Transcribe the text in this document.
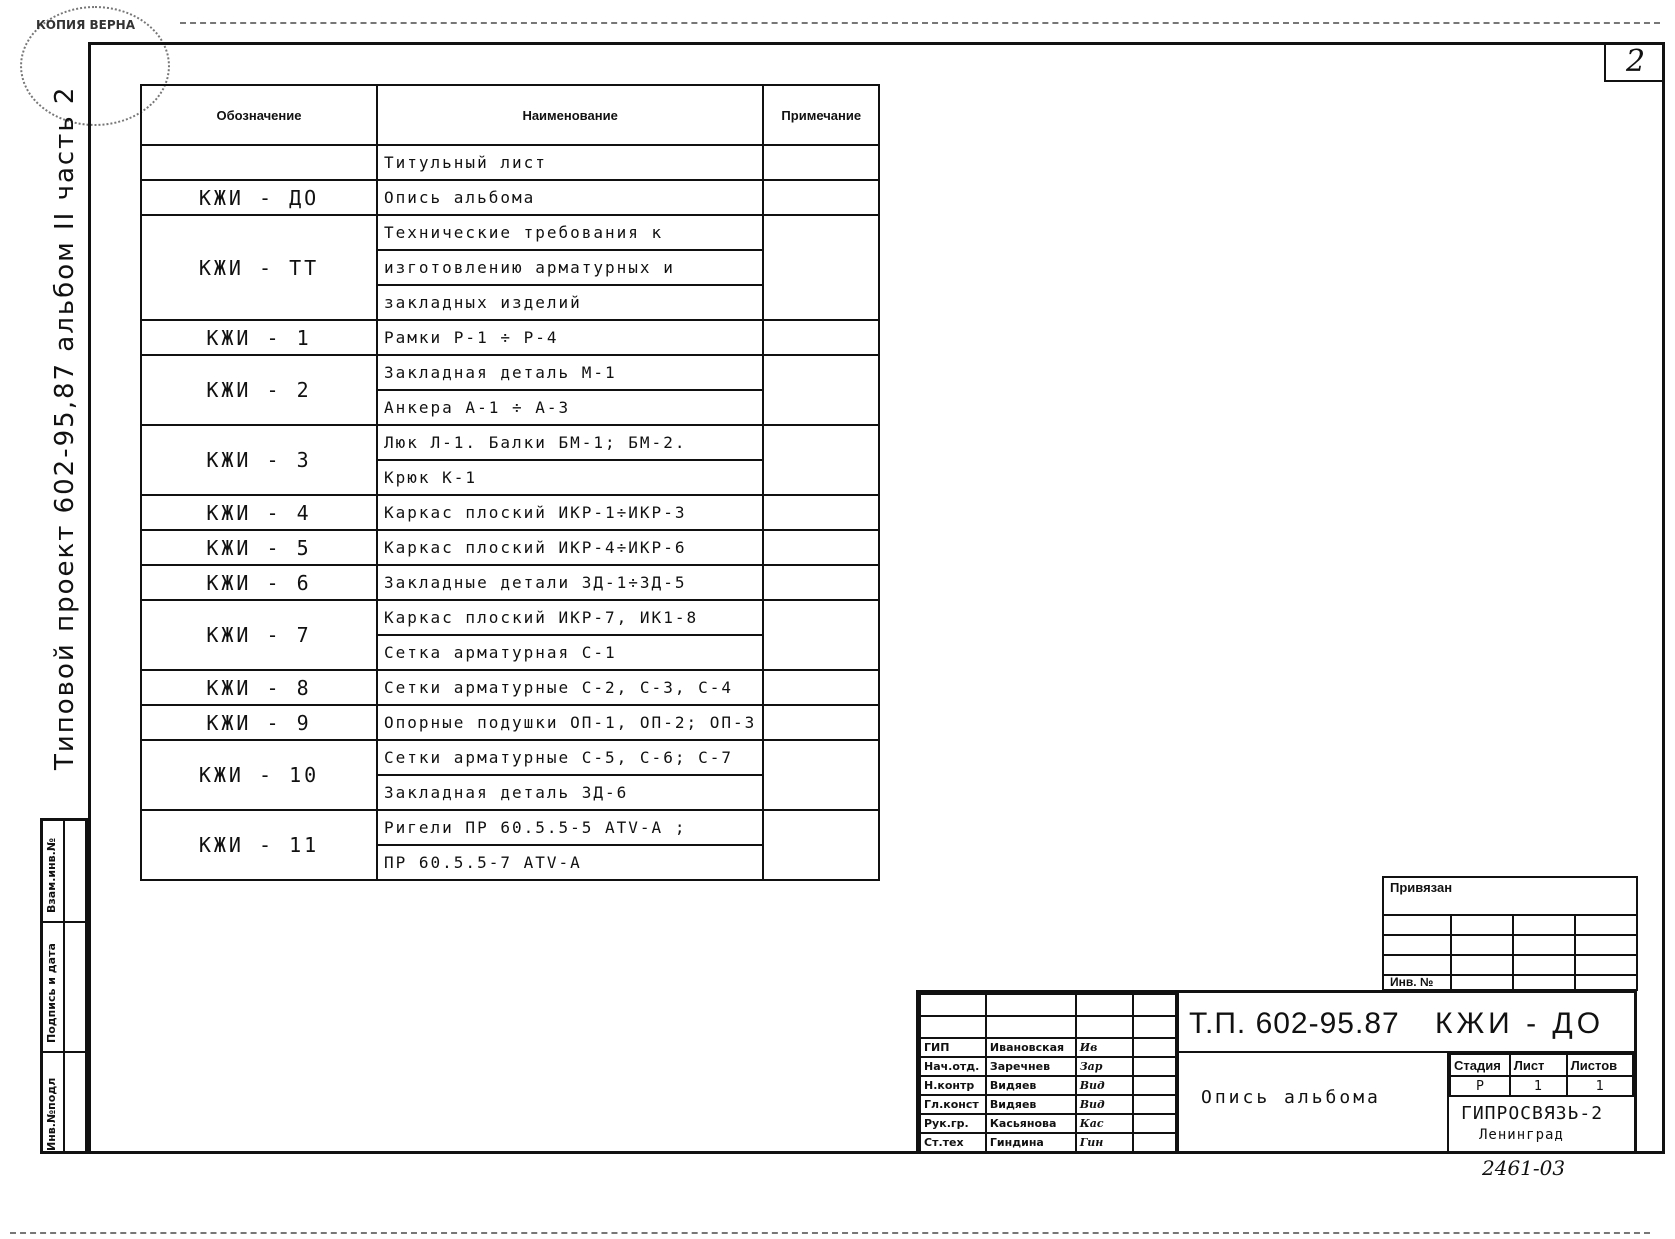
КОПИЯ ВЕРНА
2
Типовой проект 602-95,87 альбом II часть 2
Инв.№подл
Подпись и дата
Взам.инв.№
Обозначение	Наименование	Примечание
	Титульный лист	
КЖИ - ДО	Опись альбома	
КЖИ - ТТ	Технические требования к	
	изготовлению арматурных и	
	закладных изделий	
КЖИ - 1	Рамки Р-1 ÷ Р-4	
КЖИ - 2	Закладная деталь М-1	
	Анкера А-1 ÷ А-3	
КЖИ - 3	Люк Л-1. Балки БМ-1; БМ-2.	
	Крюк К-1	
КЖИ - 4	Каркас плоский ИКР-1÷ИКР-3	
КЖИ - 5	Каркас плоский ИКР-4÷ИКР-6	
КЖИ - 6	Закладные детали ЗД-1÷ЗД-5	
КЖИ - 7	Каркас плоский ИКР-7, ИК1-8	
	Сетка арматурная С-1	
КЖИ - 8	Сетки арматурные С-2, С-3, С-4	
КЖИ - 9	Опорные подушки ОП-1, ОП-2; ОП-3	
КЖИ - 10	Сетки арматурные С-5, С-6; С-7	
	Закладная деталь ЗД-6	
КЖИ - 11	Ригели ПР 60.5.5-5 АТV-А ;	
	ПР 60.5.5-7 АТV-А	
Привязан
Инв. №

ГИП	Ивановская	Ив	
Нач.отд.	Заречнев	Зар	
Н.контр	Видяев	Вид	
Гл.конст	Видяев	Вид	
Рук.гр.	Касьянова	Кас	
Ст.тех	Гиндина	Гин	
Т.П. 602-95.87 КЖИ - ДО
Опись альбома
Стадия	Лист	Листов
Р	1	1
ГИПРОСВЯЗЬ-2
Ленинград
2461-03
